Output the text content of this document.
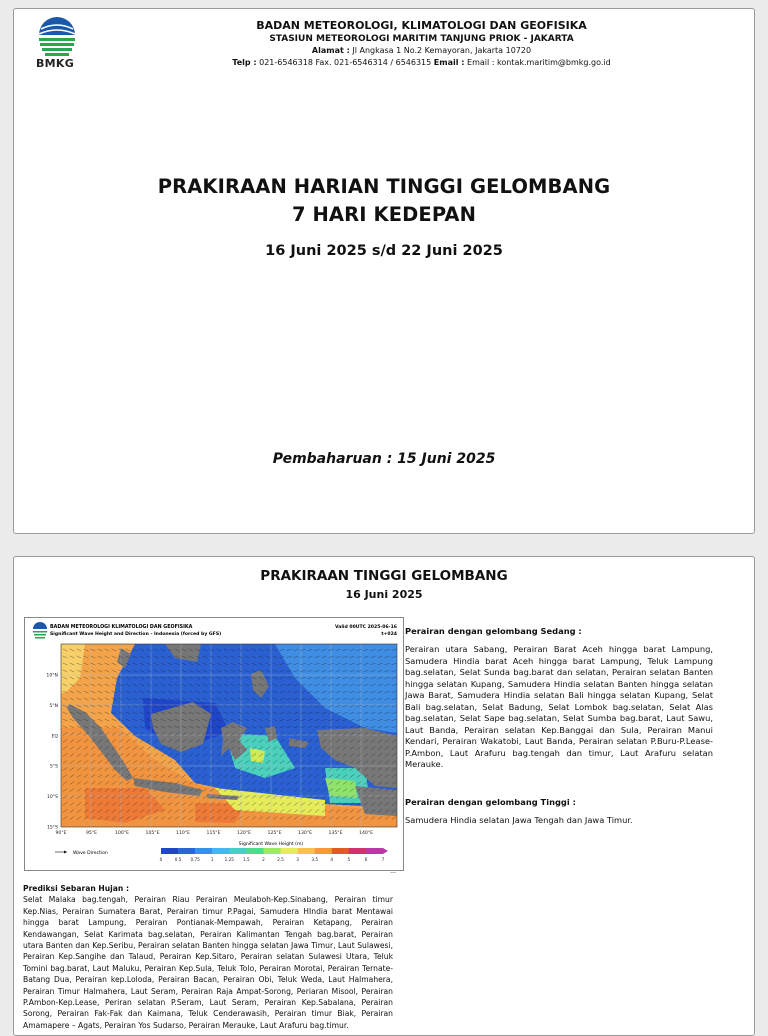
BMKG
BADAN METEOROLOGI, KLIMATOLOGI DAN GEOFISIKA
STASIUN METEOROLOGI MARITIM TANJUNG PRIOK - JAKARTA
Alamat : Jl Angkasa 1 No.2 Kemayoran, Jakarta 10720
Telp : 021-6546318 Fax. 021-6546314 / 6546315 Email : Email : kontak.maritim@bmkg.go.id
PRAKIRAAN HARIAN TINGGI GELOMBANG
7 HARI KEDEPAN
16 Juni 2025 s/d 22 Juni 2025
Pembaharuan : 15 Juni 2025
PRAKIRAAN TINGGI GELOMBANG
16 Juni 2025
BADAN METEOROLOGI KLIMATOLOGI DAN GEOFISIKA
Significant Wave Height and Direction - Indonesia (forced by GFS)
Valid 00UTC 2025-06-16
t+024
10°N
5°N
EQ
5°S
10°S
15°S
90°E	95°E	100°E	105°E	110°E	115°E	120°E	125°E	130°E	135°E	140°E
Significant Wave Height (m)
0	0.5 0.75	1	1.25 1.5	2	2.5	3	3.5	4	5	6	7
Wave Direction
Perairan dengan gelombang Sedang :
Perairan utara Sabang, Perairan Barat Aceh hingga barat Lampung, Samudera Hindia barat Aceh hingga barat Lampung, Teluk Lampung bag.selatan, Selat Sunda bag.barat dan selatan, Perairan selatan Banten hingga selatan Kupang, Samudera Hindia selatan Banten hingga selatan Jawa Barat, Samudera Hindia selatan Bali hingga selatan Kupang, Selat Bali bag.selatan, Selat Badung, Selat Lombok bag.selatan, Selat Alas bag.selatan, Selat Sape bag.selatan, Selat Sumba bag.barat, Laut Sawu, Laut Banda, Perairan selatan Kep.Banggai dan Sula, Perairan Manui Kendari, Perairan Wakatobi, Laut Banda, Perairan selatan P.Buru-P.Lease-P.Ambon, Laut Arafuru bag.tengah dan timur, Laut Arafuru selatan Merauke.
Perairan dengan gelombang Tinggi :
Samudera Hindia selatan Jawa Tengah dan Jawa Timur.
—
Prediksi Sebaran Hujan :
Selat Malaka bag.tengah, Perairan Riau Perairan Meulaboh-Kep.Sinabang, Perairan timur Kep.Nias, Perairan Sumatera Barat, Perairan timur P.Pagai, Samudera HIndia barat Mentawai hingga barat Lampung, Perairan Pontianak-Mempawah, Perairan Ketapang, Perairan Kendawangan, Selat Karimata bag.selatan, Perairan Kalimantan Tengah bag.barat, Perairan utara Banten dan Kep.Seribu, Perairan selatan Banten hingga selatan Jawa Timur, Laut Sulawesi, Perairan Kep.Sangihe dan Talaud, Perairan Kep.Sitaro, Perairan selatan Sulawesi Utara, Teluk Tomini bag.barat, Laut Maluku, Perairan Kep.Sula, Teluk Tolo, Perairan Morotai, Perairan Ternate-Batang Dua, Perairan kep.Loloda, Perairan Bacan, Perairan Obi, Teluk Weda, Laut Halmahera, Perairan Timur Halmahera, Laut Seram, Perairan Raja Ampat-Sorong, Periaran Misool, Perairan P.Ambon-Kep.Lease, Periran selatan P.Seram, Laut Seram, Perairan Kep.Sabalana, Perairan Sorong, Perairan Fak-Fak dan Kaimana, Teluk Cenderawasih, Perairan timur Biak, Perairan Amamapere – Agats, Perairan Yos Sudarso, Perairan Merauke, Laut Arafuru bag.timur.
